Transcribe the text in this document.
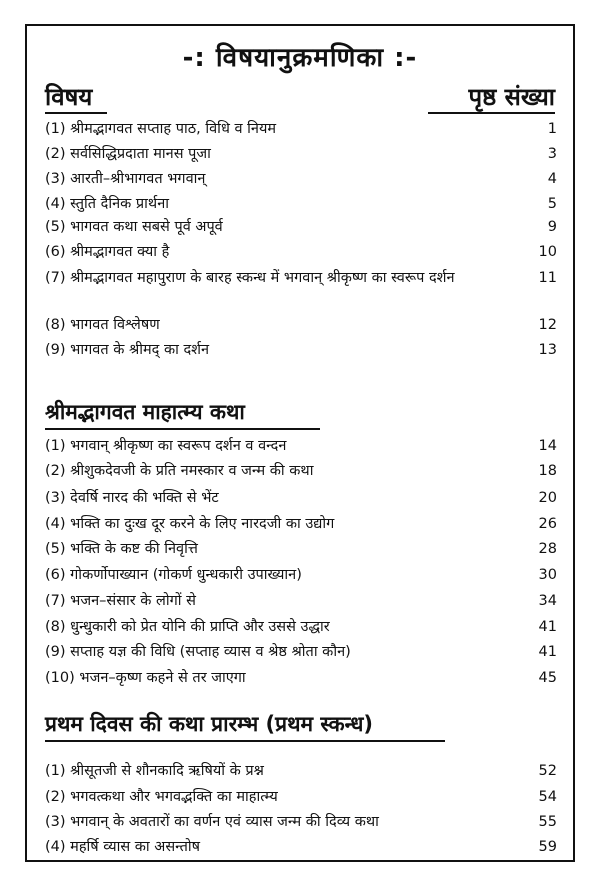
-: विषयानुक्रमणिका :-
विषय	पृष्ठ संख्या
(1) श्रीमद्भागवत सप्ताह पाठ, विधि व नियम	1
(2) सर्वसिद्धिप्रदाता मानस पूजा	3
(3) आरती–श्रीभागवत भगवान्	4
(4) स्तुति दैनिक प्रार्थना	5
(5) भागवत कथा सबसे पूर्व अपूर्व	9
(6) श्रीमद्भागवत क्या है	10
(7) श्रीमद्भागवत महापुराण के बारह स्कन्ध में भगवान् श्रीकृष्ण का स्वरूप दर्शन	11
(8) भागवत विश्लेषण	12
(9) भागवत के श्रीमद् का दर्शन	13
श्रीमद्भागवत माहात्म्य कथा
(1) भगवान् श्रीकृष्ण का स्वरूप दर्शन व वन्दन	14
(2) श्रीशुकदेवजी के प्रति नमस्कार व जन्म की कथा	18
(3) देवर्षि नारद की भक्ति से भेंट	20
(4) भक्ति का दुःख दूर करने के लिए नारदजी का उद्योग	26
(5) भक्ति के कष्ट की निवृत्ति	28
(6) गोकर्णोपाख्यान (गोकर्ण धुन्धकारी उपाख्यान)	30
(7) भजन–संसार के लोगों से	34
(8) धुन्धुकारी को प्रेत योनि की प्राप्ति और उससे उद्धार	41
(9) सप्ताह यज्ञ की विधि (सप्ताह व्यास व श्रेष्ठ श्रोता कौन)	41
(10) भजन–कृष्ण कहने से तर जाएगा	45
प्रथम दिवस की कथा प्रारम्भ (प्रथम स्कन्ध)
(1) श्रीसूतजी से शौनकादि ऋषियों के प्रश्न	52
(2) भगवत्कथा और भगवद्भक्ति का माहात्म्य	54
(3) भगवान् के अवतारों का वर्णन एवं व्यास जन्म की दिव्य कथा	55
(4) महर्षि व्यास का असन्तोष	59
